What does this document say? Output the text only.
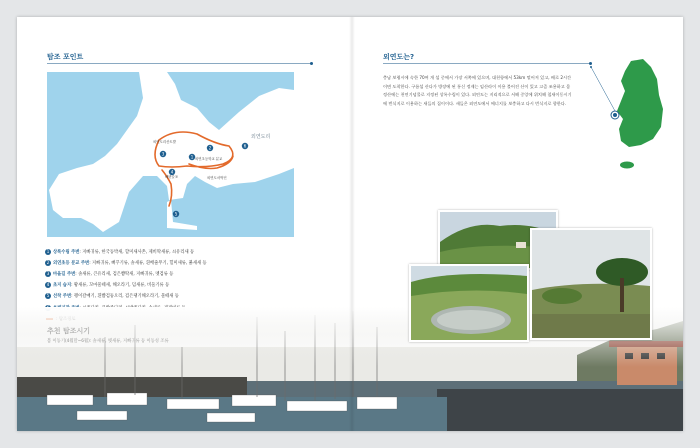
탐조 포인트
외연도리
외연도리산트발
외연초등학교 분교
해변슬포	외연도서먹딘
1
2
3
4
5
6
1 상록수림 주변 : 지빠귀류, 한국동박새, 할미새사촌, 제비딱새류, 쇠유리새 등
2 외연초등 분교 주변 : 지빠귀류, 뻐꾸기류, 솔새류, 흰배줄무기, 힐미새류, 붉새새 등
3 마을길 주변 : 솔새류, 큰유리새, 검은뺨딱새, 지빠귀류, 멧검류 등
4 초지 습지 : 황새류, 꼬마물떼새, 해오라기, 덤새류, 비둘기류 등
5 선착 주변 : 괭이갈매기, 흰뺨검둥오리, 검은댕기해오라기, 물떼새 등
외연도는?
충남 보령시에 속한 70여 개 섬 중에서 가장 서쪽에 있으며, 대천항에서 53km 떨어져 있고, 배로 2시간이면 도착한다. 구름섬 산다가 방장에 된 통신 정제는 임산라이 이용 불어진 산이 있고 고즘 조용하고 몸 정산에는 천연기념물로 지정된 상록수림이 있다. 외연도는 지리적으로 서해 중앙에 위치해 철새이동시기에 번식지로 이용하는 새들의 집이이다. 새들은 외연도에서 에너지를 보충하고 다시 번식지로 향한다.
